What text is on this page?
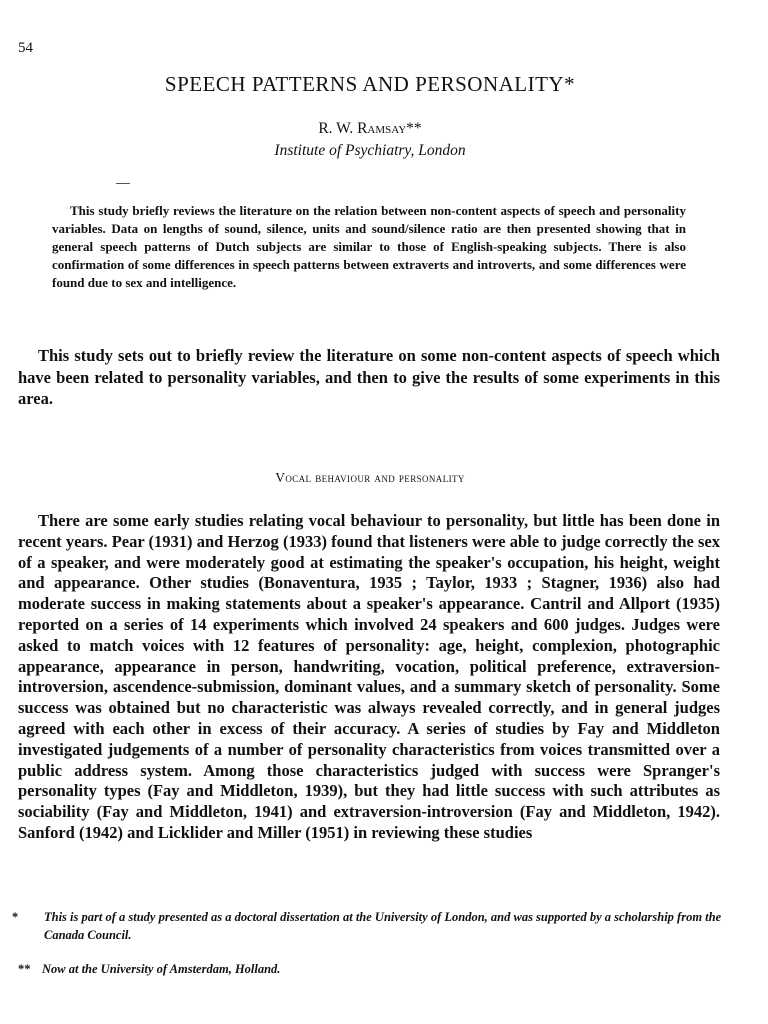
54
SPEECH PATTERNS AND PERSONALITY*
R. W. Ramsay**
Institute of Psychiatry, London

This study briefly reviews the literature on the relation between non-content aspects of speech and personality variables. Data on lengths of sound, silence, units and sound/silence ratio are then presented showing that in general speech patterns of Dutch subjects are similar to those of English-speaking subjects. There is also confirmation of some differences in speech patterns between extraverts and introverts, and some differences were found due to sex and intelligence.

This study sets out to briefly review the literature on some non-content aspects of speech which have been related to personality variables, and then to give the results of some experiments in this area.

Vocal behaviour and personality

There are some early studies relating vocal behaviour to personality, but little has been done in recent years. Pear (1931) and Herzog (1933) found that listeners were able to judge correctly the sex of a speaker, and were moderately good at estimating the speaker's occupation, his height, weight and appearance. Other studies (Bonaventura, 1935 ; Taylor, 1933 ; Stagner, 1936) also had moderate success in making statements about a speaker's appearance. Cantril and Allport (1935) reported on a series of 14 experiments which involved 24 speakers and 600 judges. Judges were asked to match voices with 12 features of personality: age, height, complexion, photographic appearance, appearance in person, handwriting, vocation, political preference, extraversion-introversion, ascendence-submission, dominant values, and a summary sketch of personality. Some success was obtained but no characteristic was always revealed correctly, and in general judges agreed with each other in excess of their accuracy. A series of studies by Fay and Middleton investigated judgements of a number of personality characteristics from voices transmitted over a public address system. Among those characteristics judged with success were Spranger's personality types (Fay and Middleton, 1939), but they had little success with such attributes as sociability (Fay and Middleton, 1941) and extraversion-introversion (Fay and Middleton, 1942). Sanford (1942) and Licklider and Miller (1951) in reviewing these studies

* This is part of a study presented as a doctoral dissertation at the University of London, and was supported by a scholarship from the Canada Council.

** Now at the University of Amsterdam, Holland.
